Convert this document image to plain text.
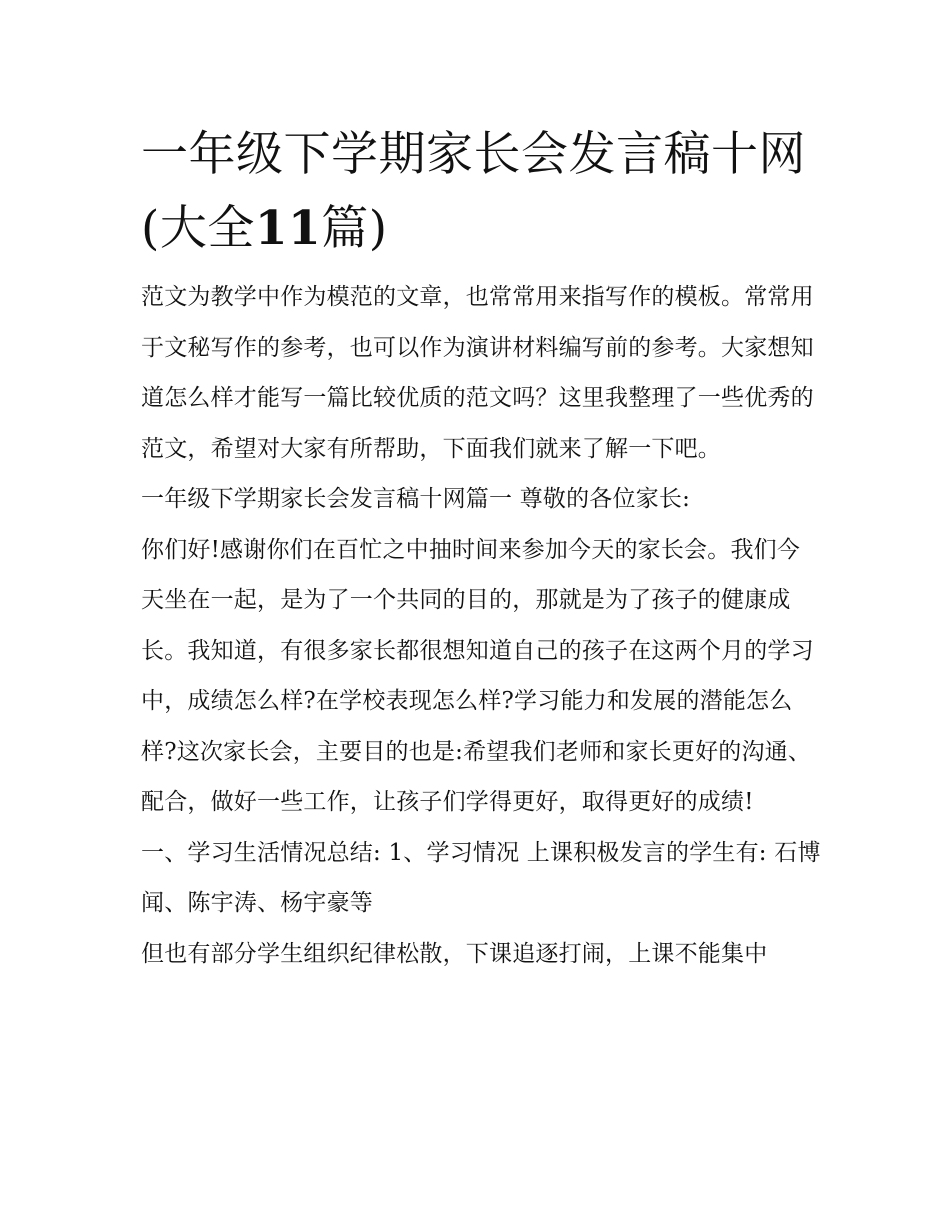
一年级下学期家长会发言稿十网(大全11篇)

范文为教学中作为模范的文章，也常常用来指写作的模板。常常用于文秘写作的参考，也可以作为演讲材料编写前的参考。大家想知道怎么样才能写一篇比较优质的范文吗？这里我整理了一些优秀的范文，希望对大家有所帮助，下面我们就来了解一下吧。

一年级下学期家长会发言稿十网篇一 尊敬的各位家长:

你们好!感谢你们在百忙之中抽时间来参加今天的家长会。我们今天坐在一起，是为了一个共同的目的，那就是为了孩子的健康成长。我知道，有很多家长都很想知道自己的孩子在这两个月的学习中，成绩怎么样?在学校表现怎么样?学习能力和发展的潜能怎么样?这次家长会，主要目的也是:希望我们老师和家长更好的沟通、配合，做好一些工作，让孩子们学得更好，取得更好的成绩!

一、学习生活情况总结: 1、学习情况 上课积极发言的学生有: 石博闻、陈宇涛、杨宇豪等

但也有部分学生组织纪律松散，下课追逐打闹，上课不能集中
